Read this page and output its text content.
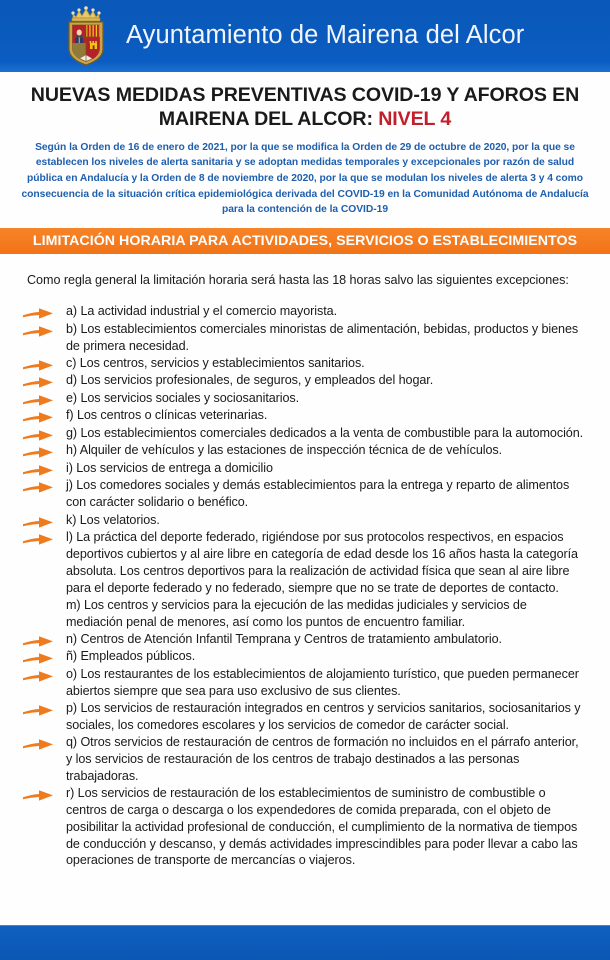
Ayuntamiento de Mairena del Alcor
NUEVAS MEDIDAS PREVENTIVAS COVID-19 Y AFOROS EN
MAIRENA DEL ALCOR: NIVEL 4
Según la Orden de 16 de enero de 2021, por la que se modifica la Orden de 29 de octubre de 2020, por la que se establecen los niveles de alerta sanitaria y se adoptan medidas temporales y excepcionales por razón de salud pública en Andalucía y la Orden de 8 de noviembre de 2020, por la que se modulan los niveles de alerta 3 y 4 como consecuencia de la situación crítica epidemiológica derivada del COVID-19 en la Comunidad Autónoma de Andalucía para la contención de la COVID-19
LIMITACIÓN HORARIA PARA ACTIVIDADES, SERVICIOS O ESTABLECIMIENTOS
Como regla general la limitación horaria será hasta las 18 horas salvo las siguientes excepciones:
a) La actividad industrial y el comercio mayorista.
b) Los establecimientos comerciales minoristas de alimentación, bebidas, productos y bienes de primera necesidad.
c) Los centros, servicios y establecimientos sanitarios.
d) Los servicios profesionales, de seguros, y empleados del hogar.
e) Los servicios sociales y sociosanitarios.
f) Los centros o clínicas veterinarias.
g) Los establecimientos comerciales dedicados a la venta de combustible para la automoción.
h) Alquiler de vehículos y las estaciones de inspección técnica de de vehículos.
i) Los servicios de entrega a domicilio
j) Los comedores sociales y demás establecimientos para la entrega y reparto de alimentos con carácter solidario o benéfico.
k) Los velatorios.
l) La práctica del deporte federado, rigiéndose por sus protocolos respectivos, en espacios deportivos cubiertos y al aire libre en categoría de edad desde los 16 años hasta la categoría absoluta. Los centros deportivos para la realización de actividad física que sean al aire libre para el deporte federado y no federado, siempre que no se trate de deportes de contacto.
m) Los centros y servicios para la ejecución de las medidas judiciales y servicios de mediación penal de menores, así como los puntos de encuentro familiar.
n) Centros de Atención Infantil Temprana y Centros de tratamiento ambulatorio.
ñ) Empleados públicos.
o) Los restaurantes de los establecimientos de alojamiento turístico, que pueden permanecer abiertos siempre que sea para uso exclusivo de sus clientes.
p) Los servicios de restauración integrados en centros y servicios sanitarios, sociosanitarios y sociales, los comedores escolares y los servicios de comedor de carácter social.
q) Otros servicios de restauración de centros de formación no incluidos en el párrafo anterior, y los servicios de restauración de los centros de trabajo destinados a las personas trabajadoras.
r) Los servicios de restauración de los establecimientos de suministro de combustible o centros de carga o descarga o los expendedores de comida preparada, con el objeto de posibilitar la actividad profesional de conducción, el cumplimiento de la normativa de tiempos de conducción y descanso, y demás actividades imprescindibles para poder llevar a cabo las operaciones de transporte de mercancías o viajeros.
